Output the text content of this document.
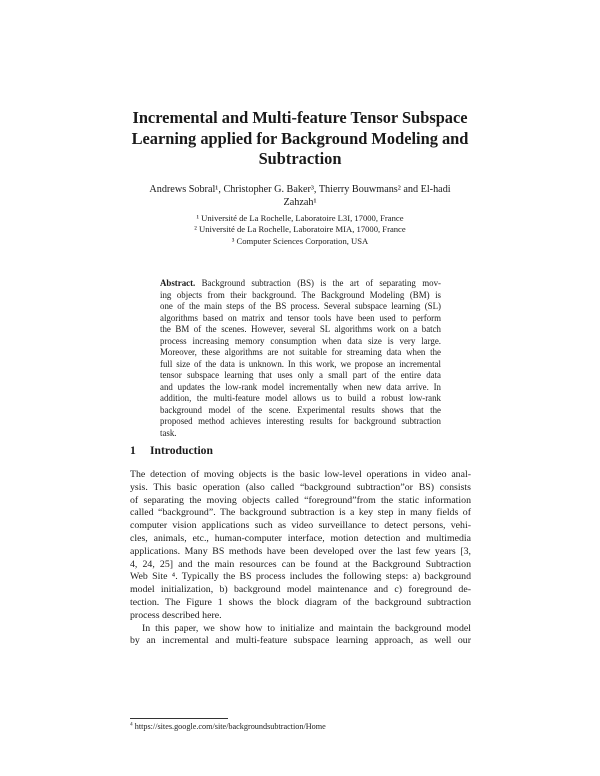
Incremental and Multi-feature Tensor Subspace
Learning applied for Background Modeling and
Subtraction
Andrews Sobral¹, Christopher G. Baker³, Thierry Bouwmans² and El-hadi
Zahzah¹
¹ Université de La Rochelle, Laboratoire L3I, 17000, France
² Université de La Rochelle, Laboratoire MIA, 17000, France
³ Computer Sciences Corporation, USA
Abstract. Background subtraction (BS) is the art of separating mov-
ing objects from their background. The Background Modeling (BM) is
one of the main steps of the BS process. Several subspace learning (SL)
algorithms based on matrix and tensor tools have been used to perform
the BM of the scenes. However, several SL algorithms work on a batch
process increasing memory consumption when data size is very large.
Moreover, these algorithms are not suitable for streaming data when the
full size of the data is unknown. In this work, we propose an incremental
tensor subspace learning that uses only a small part of the entire data
and updates the low-rank model incrementally when new data arrive. In
addition, the multi-feature model allows us to build a robust low-rank
background model of the scene. Experimental results shows that the
proposed method achieves interesting results for background subtraction
task.
1 Introduction
The detection of moving objects is the basic low-level operations in video anal-
ysis. This basic operation (also called “background subtraction”or BS) consists
of separating the moving objects called “foreground”from the static information
called “background”. The background subtraction is a key step in many fields of
computer vision applications such as video surveillance to detect persons, vehi-
cles, animals, etc., human-computer interface, motion detection and multimedia
applications. Many BS methods have been developed over the last few years [3,
4, 24, 25] and the main resources can be found at the Background Subtraction
Web Site ⁴. Typically the BS process includes the following steps: a) background
model initialization, b) background model maintenance and c) foreground de-
tection. The Figure 1 shows the block diagram of the background subtraction
process described here.
In this paper, we show how to initialize and maintain the background model
by an incremental and multi-feature subspace learning approach, as well our
$^4$ https://sites.google.com/site/backgroundsubtraction/Home
